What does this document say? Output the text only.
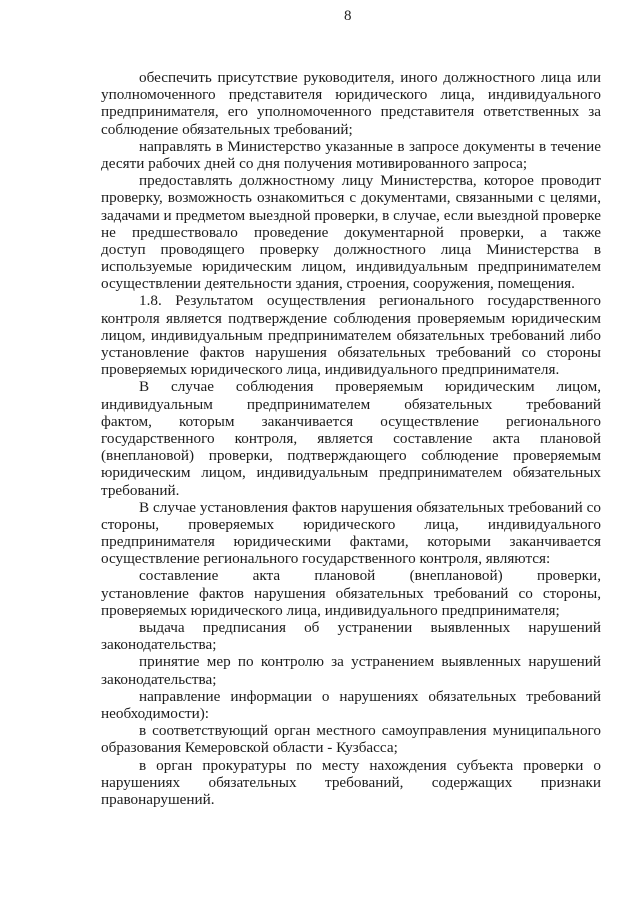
8
обеспечить присутствие руководителя, иного должностного лица или
уполномоченного представителя юридического лица, индивидуального
предпринимателя, его уполномоченного представителя ответственных за
соблюдение обязательных требований;
направлять в Министерство указанные в запросе документы в течение
десяти рабочих дней со дня получения мотивированного запроса;
предоставлять должностному лицу Министерства, которое проводит
проверку, возможность ознакомиться с документами, связанными с целями,
задачами и предметом выездной проверки, в случае, если выездной проверке
не предшествовало проведение документарной проверки, а также
доступ проводящего проверку должностного лица Министерства в
используемые юридическим лицом, индивидуальным предпринимателем
осуществлении деятельности здания, строения, сооружения, помещения.
1.8. Результатом осуществления регионального государственного
контроля является подтверждение соблюдения проверяемым юридическим
лицом, индивидуальным предпринимателем обязательных требований либо
установление фактов нарушения обязательных требований со стороны
проверяемых юридического лица, индивидуального предпринимателя.
В случае соблюдения проверяемым юридическим лицом,
индивидуальным предпринимателем обязательных требований
фактом, которым заканчивается осуществление регионального
государственного контроля, является составление акта плановой
(внеплановой) проверки, подтверждающего соблюдение проверяемым
юридическим лицом, индивидуальным предпринимателем обязательных
требований.
В случае установления фактов нарушения обязательных требований со
стороны, проверяемых юридического лица, индивидуального
предпринимателя юридическими фактами, которыми заканчивается
осуществление регионального государственного контроля, являются:
составление акта плановой (внеплановой) проверки,
установление фактов нарушения обязательных требований со стороны,
проверяемых юридического лица, индивидуального предпринимателя;
выдача предписания об устранении выявленных нарушений
законодательства;
принятие мер по контролю за устранением выявленных нарушений
законодательства;
направление информации о нарушениях обязательных требований
необходимости):
в соответствующий орган местного самоуправления муниципального
образования Кемеровской области - Кузбасса;
в орган прокуратуры по месту нахождения субъекта проверки о
нарушениях обязательных требований, содержащих признаки
правонарушений.
